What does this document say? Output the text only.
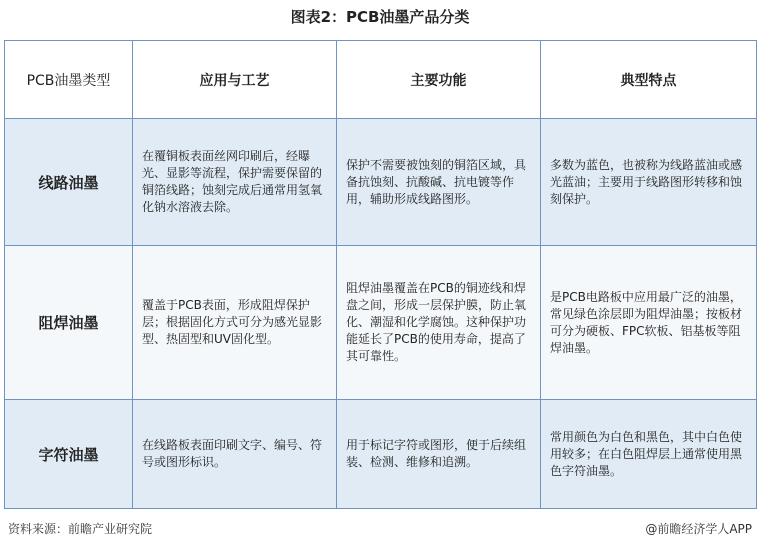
图表2：PCB油墨产品分类
PCB油墨类型	应用与工艺	主要功能	典型特点
线路油墨	在覆铜板表面丝网印刷后，经曝光、显影等流程，保护需要保留的铜箔线路；蚀刻完成后通常用氢氧化钠水溶液去除。	保护不需要被蚀刻的铜箔区域，具备抗蚀刻、抗酸碱、抗电镀等作用，辅助形成线路图形。	多数为蓝色，也被称为线路蓝油或感光蓝油；主要用于线路图形转移和蚀刻保护。
阻焊油墨	覆盖于PCB表面，形成阻焊保护层；根据固化方式可分为感光显影型、热固型和UV固化型。	阻焊油墨覆盖在PCB的铜迹线和焊盘之间，形成一层保护膜，防止氧化、潮湿和化学腐蚀。这种保护功能延长了PCB的使用寿命，提高了其可靠性。	是PCB电路板中应用最广泛的油墨，常见绿色涂层即为阻焊油墨；按板材可分为硬板、FPC软板、铝基板等阻焊油墨。
字符油墨	在线路板表面印刷文字、编号、符号或图形标识。	用于标记字符或图形，便于后续组装、检测、维修和追溯。	常用颜色为白色和黑色，其中白色使用较多；在白色阻焊层上通常使用黑色字符油墨。
资料来源：前瞻产业研究院	@前瞻经济学人APP
